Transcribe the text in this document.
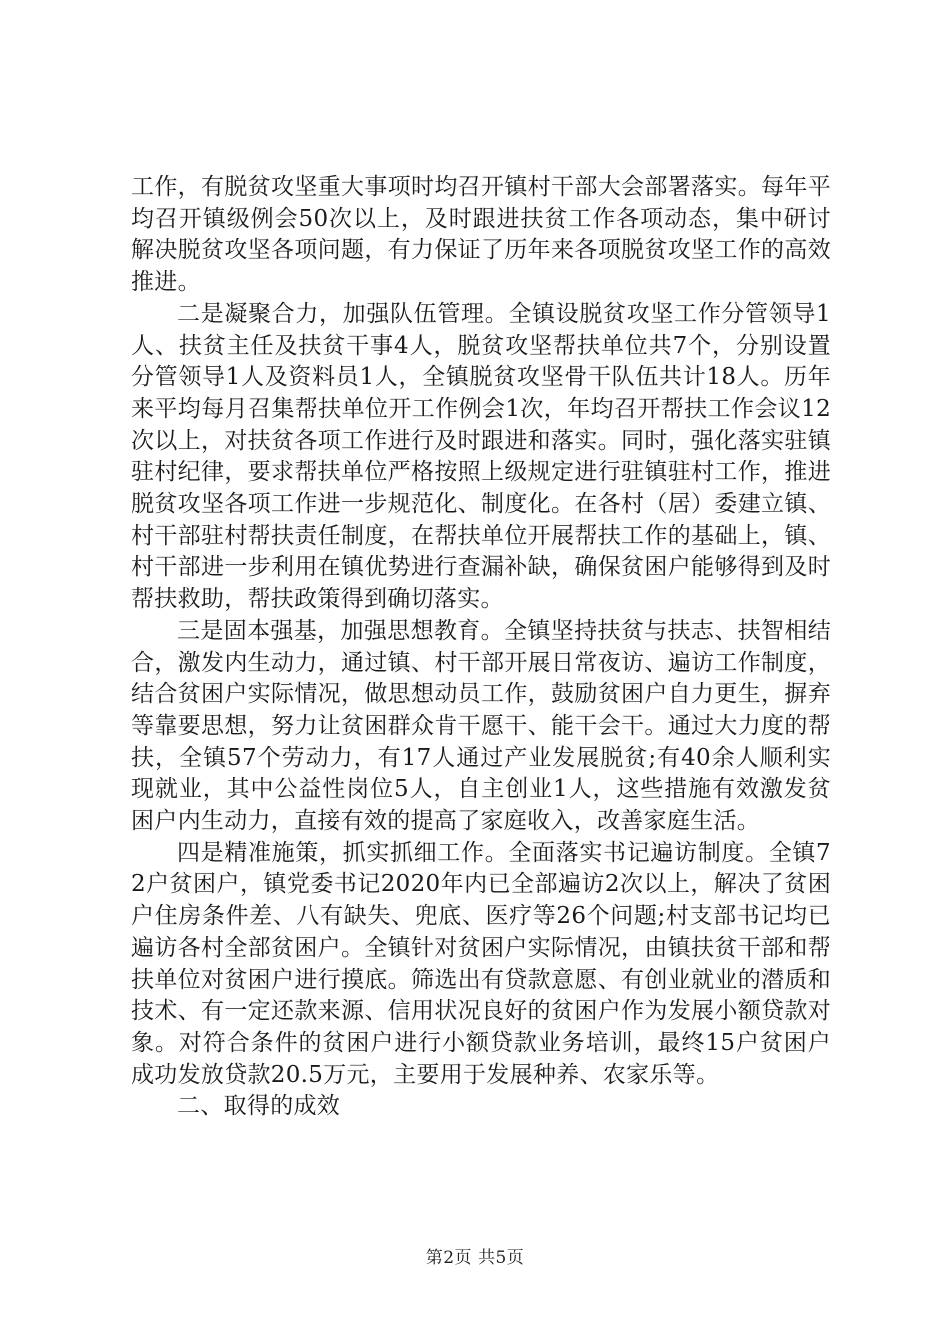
工作，有脱贫攻坚重大事项时均召开镇村干部大会部署落实。每年平均召开镇级例会50次以上，及时跟进扶贫工作各项动态，集中研讨解决脱贫攻坚各项问题，有力保证了历年来各项脱贫攻坚工作的高效推进。

二是凝聚合力，加强队伍管理。全镇设脱贫攻坚工作分管领导1人、扶贫主任及扶贫干事4人，脱贫攻坚帮扶单位共7个，分别设置分管领导1人及资料员1人，全镇脱贫攻坚骨干队伍共计18人。历年来平均每月召集帮扶单位开工作例会1次，年均召开帮扶工作会议12次以上，对扶贫各项工作进行及时跟进和落实。同时，强化落实驻镇驻村纪律，要求帮扶单位严格按照上级规定进行驻镇驻村工作，推进脱贫攻坚各项工作进一步规范化、制度化。在各村（居）委建立镇、村干部驻村帮扶责任制度，在帮扶单位开展帮扶工作的基础上，镇、村干部进一步利用在镇优势进行查漏补缺，确保贫困户能够得到及时帮扶救助，帮扶政策得到确切落实。

三是固本强基，加强思想教育。全镇坚持扶贫与扶志、扶智相结合，激发内生动力，通过镇、村干部开展日常夜访、遍访工作制度，结合贫困户实际情况，做思想动员工作，鼓励贫困户自力更生，摒弃等靠要思想，努力让贫困群众肯干愿干、能干会干。通过大力度的帮扶，全镇57个劳动力，有17人通过产业发展脱贫;有40余人顺利实现就业，其中公益性岗位5人，自主创业1人，这些措施有效激发贫困户内生动力，直接有效的提高了家庭收入，改善家庭生活。

四是精准施策，抓实抓细工作。全面落实书记遍访制度。全镇72户贫困户，镇党委书记2020年内已全部遍访2次以上，解决了贫困户住房条件差、八有缺失、兜底、医疗等26个问题;村支部书记均已遍访各村全部贫困户。全镇针对贫困户实际情况，由镇扶贫干部和帮扶单位对贫困户进行摸底。筛选出有贷款意愿、有创业就业的潜质和技术、有一定还款来源、信用状况良好的贫困户作为发展小额贷款对象。对符合条件的贫困户进行小额贷款业务培训，最终15户贫困户成功发放贷款20.5万元，主要用于发展种养、农家乐等。

二、取得的成效

第2页 共5页
